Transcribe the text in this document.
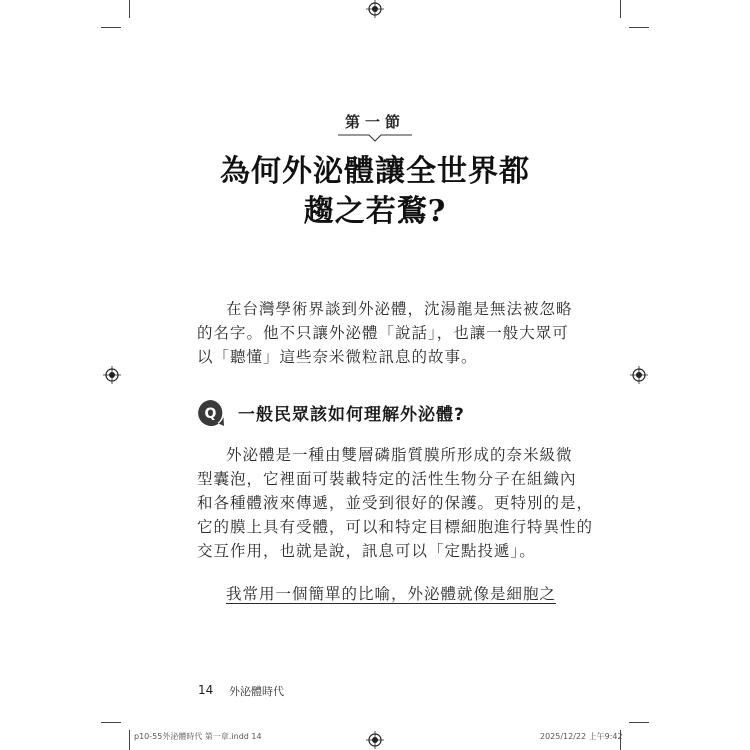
第一節
為何外泌體讓全世界都
趨之若鶩?
在台灣學術界談到外泌體，沈湯龍是無法被忽略
的名字。他不只讓外泌體「說話」，也讓一般大眾可
以「聽懂」這些奈米微粒訊息的故事。
Q 一般民眾該如何理解外泌體?
外泌體是一種由雙層磷脂質膜所形成的奈米級微
型囊泡，它裡面可裝載特定的活性生物分子在組織內
和各種體液來傳遞，並受到很好的保護。更特別的是，
它的膜上具有受體，可以和特定目標細胞進行特異性的
交互作用，也就是說，訊息可以「定點投遞」。
我常用一個簡單的比喻，外泌體就像是細胞之
14 外泌體時代
p10-55外泌體時代 第一章.indd 14	2025/12/22 上午9:42
